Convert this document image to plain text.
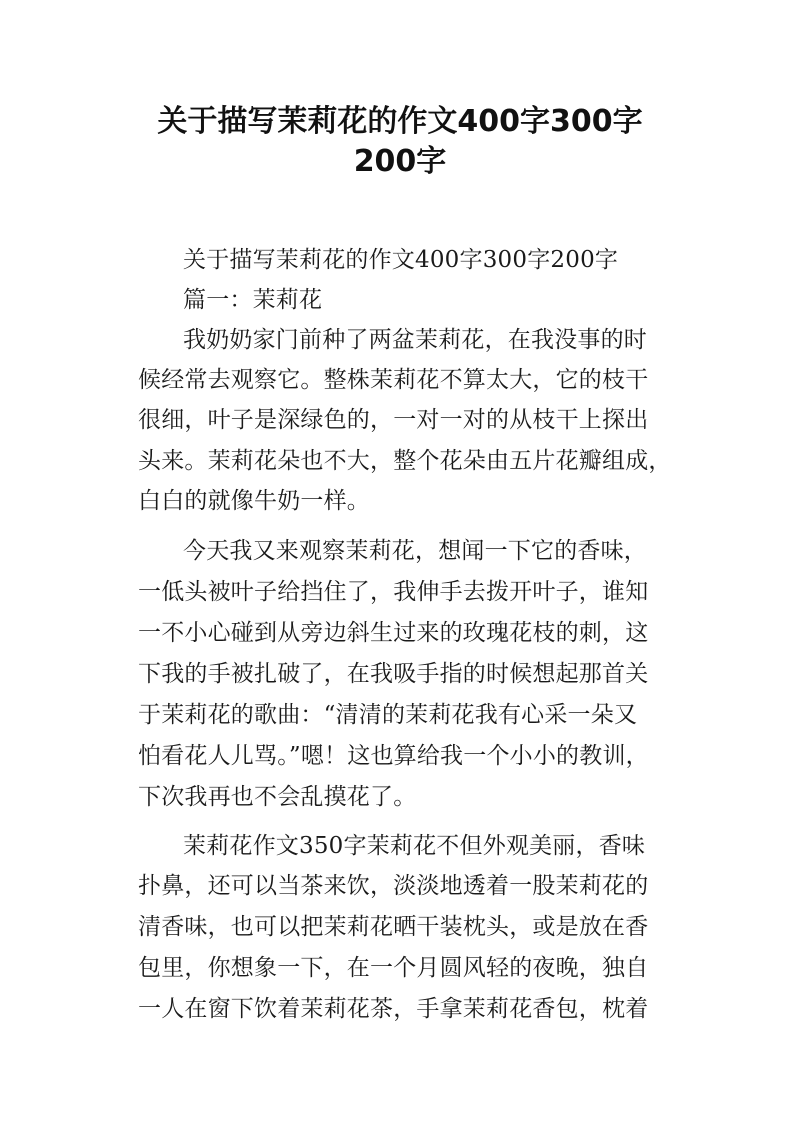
关于描写茉莉花的作文400字300字
200字
关于描写茉莉花的作文400字300字200字
篇一：茉莉花
我奶奶家门前种了两盆茉莉花，在我没事的时
候经常去观察它。整株茉莉花不算太大，它的枝干
很细，叶子是深绿色的，一对一对的从枝干上探出
头来。茉莉花朵也不大，整个花朵由五片花瓣组成，
白白的就像牛奶一样。
今天我又来观察茉莉花，想闻一下它的香味，
一低头被叶子给挡住了，我伸手去拨开叶子，谁知
一不小心碰到从旁边斜生过来的玫瑰花枝的刺，这
下我的手被扎破了，在我吸手指的时候想起那首关
于茉莉花的歌曲：“清清的茉莉花我有心采一朵又
怕看花人儿骂。”嗯！这也算给我一个小小的教训，
下次我再也不会乱摸花了。
茉莉花作文350字茉莉花不但外观美丽，香味
扑鼻，还可以当茶来饮，淡淡地透着一股茉莉花的
清香味，也可以把茉莉花晒干装枕头，或是放在香
包里，你想象一下，在一个月圆风轻的夜晚，独自
一人在窗下饮着茉莉花茶，手拿茉莉花香包，枕着
